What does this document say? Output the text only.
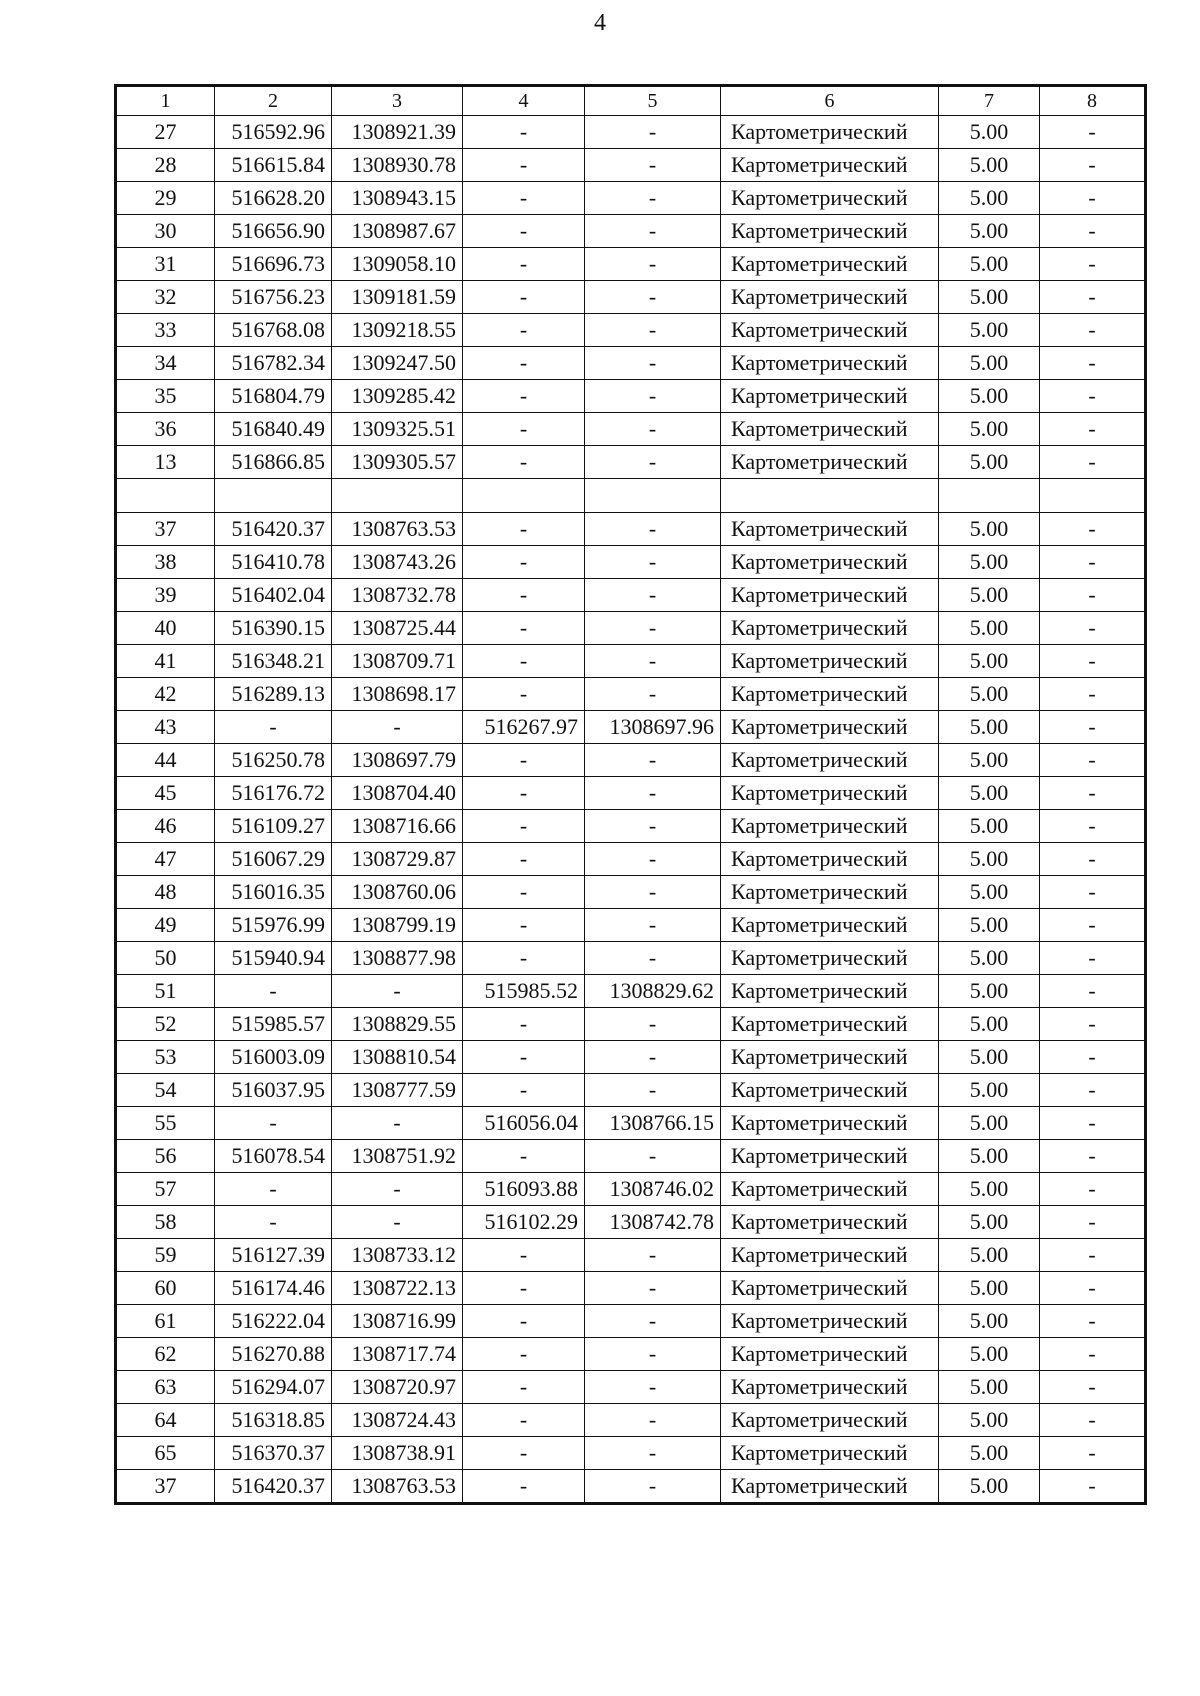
4
1	2	3	4	5	6	7	8
27	516592.96	1308921.39	-	-	Картометрический	5.00	-
28	516615.84	1308930.78	-	-	Картометрический	5.00	-
29	516628.20	1308943.15	-	-	Картометрический	5.00	-
30	516656.90	1308987.67	-	-	Картометрический	5.00	-
31	516696.73	1309058.10	-	-	Картометрический	5.00	-
32	516756.23	1309181.59	-	-	Картометрический	5.00	-
33	516768.08	1309218.55	-	-	Картометрический	5.00	-
34	516782.34	1309247.50	-	-	Картометрический	5.00	-
35	516804.79	1309285.42	-	-	Картометрический	5.00	-
36	516840.49	1309325.51	-	-	Картометрический	5.00	-
13	516866.85	1309305.57	-	-	Картометрический	5.00	-

37	516420.37	1308763.53	-	-	Картометрический	5.00	-
38	516410.78	1308743.26	-	-	Картометрический	5.00	-
39	516402.04	1308732.78	-	-	Картометрический	5.00	-
40	516390.15	1308725.44	-	-	Картометрический	5.00	-
41	516348.21	1308709.71	-	-	Картометрический	5.00	-
42	516289.13	1308698.17	-	-	Картометрический	5.00	-
43	-	-	516267.97	1308697.96	Картометрический	5.00	-
44	516250.78	1308697.79	-	-	Картометрический	5.00	-
45	516176.72	1308704.40	-	-	Картометрический	5.00	-
46	516109.27	1308716.66	-	-	Картометрический	5.00	-
47	516067.29	1308729.87	-	-	Картометрический	5.00	-
48	516016.35	1308760.06	-	-	Картометрический	5.00	-
49	515976.99	1308799.19	-	-	Картометрический	5.00	-
50	515940.94	1308877.98	-	-	Картометрический	5.00	-
51	-	-	515985.52	1308829.62	Картометрический	5.00	-
52	515985.57	1308829.55	-	-	Картометрический	5.00	-
53	516003.09	1308810.54	-	-	Картометрический	5.00	-
54	516037.95	1308777.59	-	-	Картометрический	5.00	-
55	-	-	516056.04	1308766.15	Картометрический	5.00	-
56	516078.54	1308751.92	-	-	Картометрический	5.00	-
57	-	-	516093.88	1308746.02	Картометрический	5.00	-
58	-	-	516102.29	1308742.78	Картометрический	5.00	-
59	516127.39	1308733.12	-	-	Картометрический	5.00	-
60	516174.46	1308722.13	-	-	Картометрический	5.00	-
61	516222.04	1308716.99	-	-	Картометрический	5.00	-
62	516270.88	1308717.74	-	-	Картометрический	5.00	-
63	516294.07	1308720.97	-	-	Картометрический	5.00	-
64	516318.85	1308724.43	-	-	Картометрический	5.00	-
65	516370.37	1308738.91	-	-	Картометрический	5.00	-
37	516420.37	1308763.53	-	-	Картометрический	5.00	-
